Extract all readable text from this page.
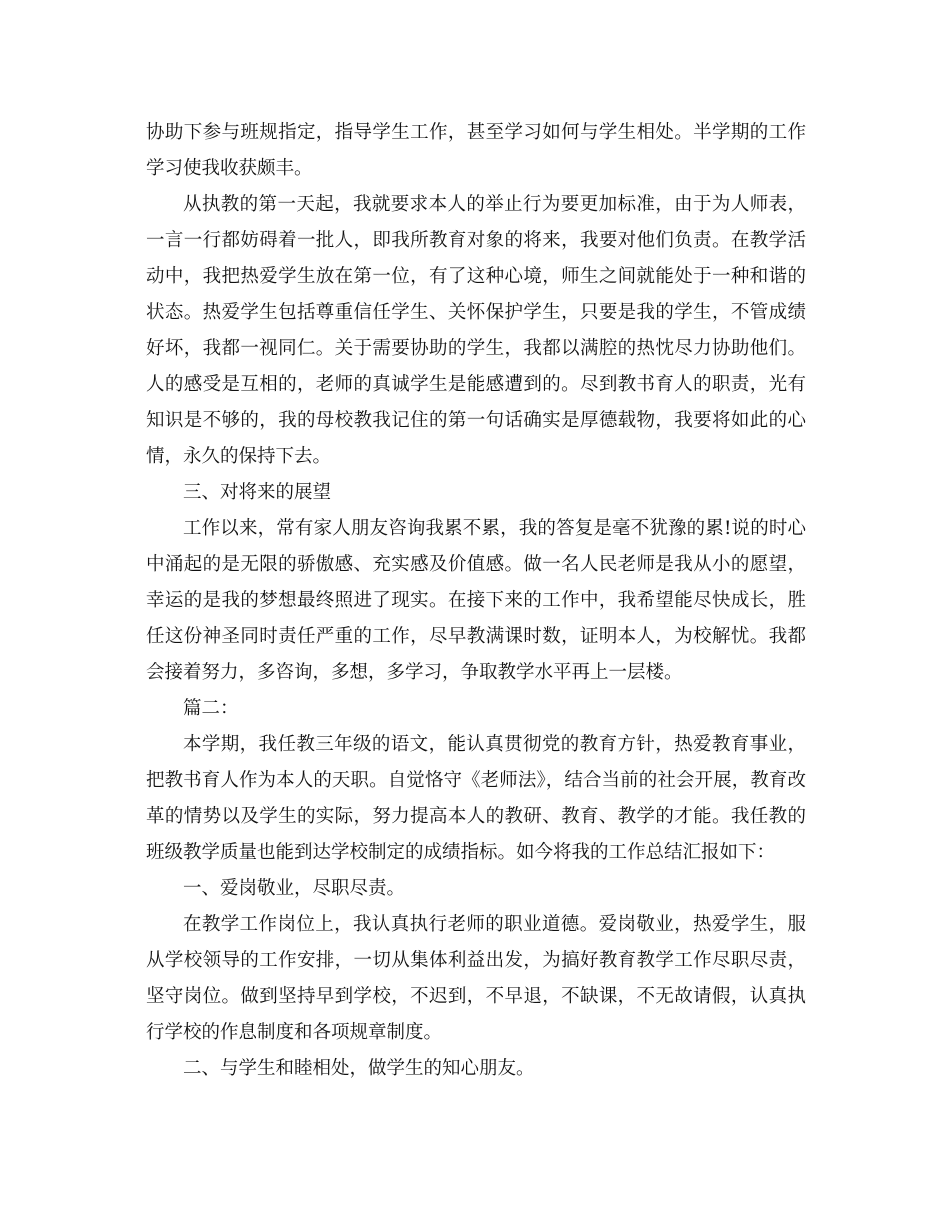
协助下参与班规指定，指导学生工作，甚至学习如何与学生相处。半学期的工作学习使我收获颇丰。

从执教的第一天起，我就要求本人的举止行为要更加标准，由于为人师表，一言一行都妨碍着一批人，即我所教育对象的将来，我要对他们负责。在教学活动中，我把热爱学生放在第一位，有了这种心境，师生之间就能处于一种和谐的状态。热爱学生包括尊重信任学生、关怀保护学生，只要是我的学生，不管成绩好坏，我都一视同仁。关于需要协助的学生，我都以满腔的热忱尽力协助他们。人的感受是互相的，老师的真诚学生是能感遭到的。尽到教书育人的职责，光有知识是不够的，我的母校教我记住的第一句话确实是厚德载物，我要将如此的心情，永久的保持下去。

三、对将来的展望

工作以来，常有家人朋友咨询我累不累，我的答复是毫不犹豫的累!说的时心中涌起的是无限的骄傲感、充实感及价值感。做一名人民老师是我从小的愿望，幸运的是我的梦想最终照进了现实。在接下来的工作中，我希望能尽快成长，胜任这份神圣同时责任严重的工作，尽早教满课时数，证明本人，为校解忧。我都会接着努力，多咨询，多想，多学习，争取教学水平再上一层楼。

篇二：

本学期，我任教三年级的语文，能认真贯彻党的教育方针，热爱教育事业，把教书育人作为本人的天职。自觉恪守《老师法》，结合当前的社会开展，教育改革的情势以及学生的实际，努力提高本人的教研、教育、教学的才能。我任教的班级教学质量也能到达学校制定的成绩指标。如今将我的工作总结汇报如下：

一、爱岗敬业，尽职尽责。

在教学工作岗位上，我认真执行老师的职业道德。爱岗敬业，热爱学生，服从学校领导的工作安排，一切从集体利益出发，为搞好教育教学工作尽职尽责，坚守岗位。做到坚持早到学校，不迟到，不早退，不缺课，不无故请假，认真执行学校的作息制度和各项规章制度。

二、与学生和睦相处，做学生的知心朋友。
